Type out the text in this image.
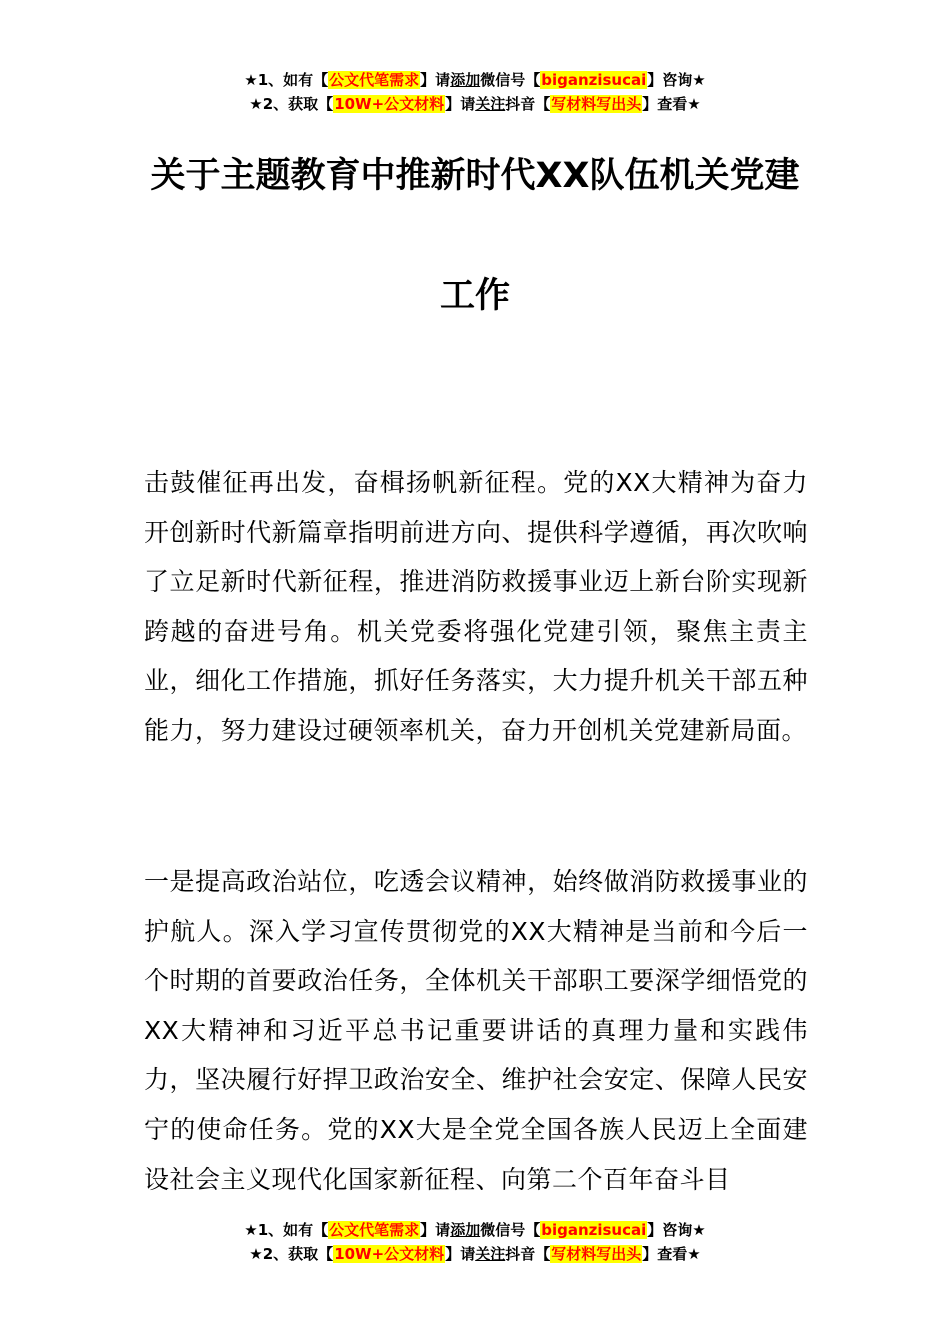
★1、如有【公文代笔需求】请添加微信号【biganzisucai】咨询★
★2、获取【10W+公文材料】请关注抖音【写材料写出头】查看★
关于主题教育中推新时代XX队伍机关党建
工作
击鼓催征再出发，奋楫扬帆新征程。党的XX大精神为奋力开创新时代新篇章指明前进方向、提供科学遵循，再次吹响了立足新时代新征程，推进消防救援事业迈上新台阶实现新跨越的奋进号角。机关党委将强化党建引领，聚焦主责主业，细化工作措施，抓好任务落实，大力提升机关干部五种能力，努力建设过硬领率机关，奋力开创机关党建新局面。
一是提高政治站位，吃透会议精神，始终做消防救援事业的护航人。深入学习宣传贯彻党的XX大精神是当前和今后一个时期的首要政治任务，全体机关干部职工要深学细悟党的XX大精神和习近平总书记重要讲话的真理力量和实践伟力，坚决履行好捍卫政治安全、维护社会安定、保障人民安宁的使命任务。党的XX大是全党全国各族人民迈上全面建设社会主义现代化国家新征程、向第二个百年奋斗目
★1、如有【公文代笔需求】请添加微信号【biganzisucai】咨询★
★2、获取【10W+公文材料】请关注抖音【写材料写出头】查看★
